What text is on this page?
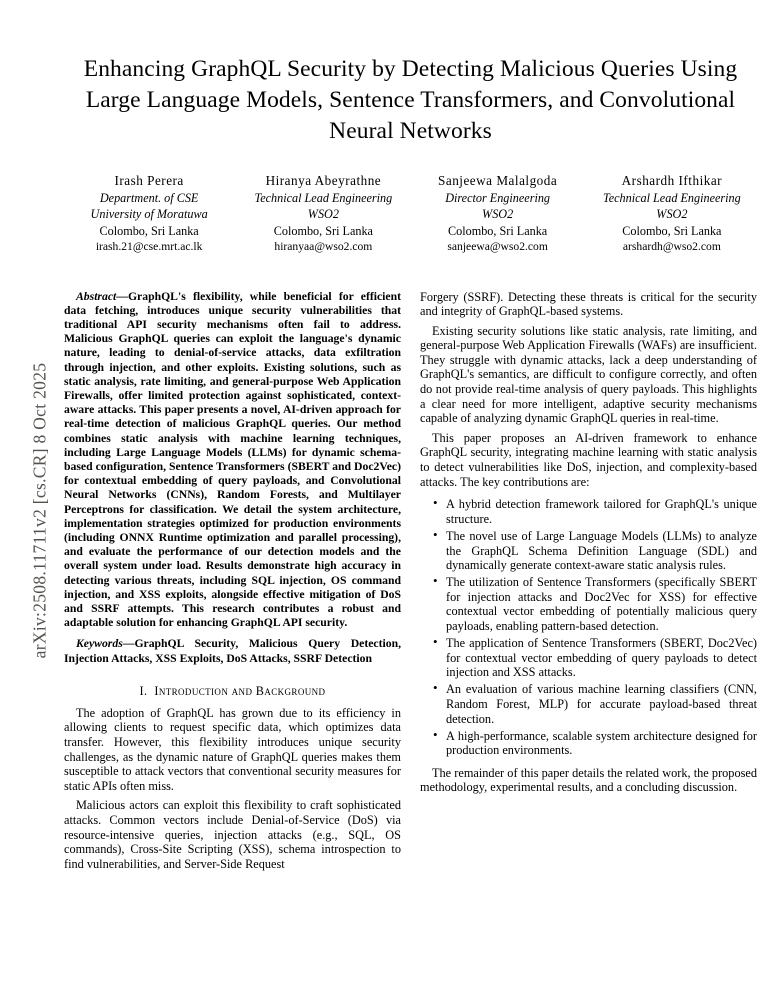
arXiv:2508.11711v2 [cs.CR] 8 Oct 2025
Enhancing GraphQL Security by Detecting Malicious Queries Using Large Language Models, Sentence Transformers, and Convolutional Neural Networks
Irash Perera
Department. of CSE
University of Moratuwa
Colombo, Sri Lanka
irash.21@cse.mrt.ac.lk
Hiranya Abeyrathne
Technical Lead Engineering
WSO2
Colombo, Sri Lanka
hiranyaa@wso2.com
Sanjeewa Malalgoda
Director Engineering
WSO2
Colombo, Sri Lanka
sanjeewa@wso2.com
Arshardh Ifthikar
Technical Lead Engineering
WSO2
Colombo, Sri Lanka
arshardh@wso2.com

Abstract—GraphQL's flexibility, while beneficial for efficient data fetching, introduces unique security vulnerabilities that traditional API security mechanisms often fail to address. Malicious GraphQL queries can exploit the language's dynamic nature, leading to denial-of-service attacks, data exfiltration through injection, and other exploits. Existing solutions, such as static analysis, rate limiting, and general-purpose Web Application Firewalls, offer limited protection against sophisticated, context-aware attacks. This paper presents a novel, AI-driven approach for real-time detection of malicious GraphQL queries. Our method combines static analysis with machine learning techniques, including Large Language Models (LLMs) for dynamic schema-based configuration, Sentence Transformers (SBERT and Doc2Vec) for contextual embedding of query payloads, and Convolutional Neural Networks (CNNs), Random Forests, and Multilayer Perceptrons for classification. We detail the system architecture, implementation strategies optimized for production environments (including ONNX Runtime optimization and parallel processing), and evaluate the performance of our detection models and the overall system under load. Results demonstrate high accuracy in detecting various threats, including SQL injection, OS command injection, and XSS exploits, alongside effective mitigation of DoS and SSRF attempts. This research contributes a robust and adaptable solution for enhancing GraphQL API security.

Keywords—GraphQL Security, Malicious Query Detection, Injection Attacks, XSS Exploits, DoS Attacks, SSRF Detection

I. Introduction and Background

The adoption of GraphQL has grown due to its efficiency in allowing clients to request specific data, which optimizes data transfer. However, this flexibility introduces unique security challenges, as the dynamic nature of GraphQL queries makes them susceptible to attack vectors that conventional security measures for static APIs often miss.

Malicious actors can exploit this flexibility to craft sophisticated attacks. Common vectors include Denial-of-Service (DoS) via resource-intensive queries, injection attacks (e.g., SQL, OS commands), Cross-Site Scripting (XSS), schema introspection to find vulnerabilities, and Server-Side Request

Forgery (SSRF). Detecting these threats is critical for the security and integrity of GraphQL-based systems.

Existing security solutions like static analysis, rate limiting, and general-purpose Web Application Firewalls (WAFs) are insufficient. They struggle with dynamic attacks, lack a deep understanding of GraphQL's semantics, are difficult to configure correctly, and often do not provide real-time analysis of query payloads. This highlights a clear need for more intelligent, adaptive security mechanisms capable of analyzing dynamic GraphQL queries in real-time.

This paper proposes an AI-driven framework to enhance GraphQL security, integrating machine learning with static analysis to detect vulnerabilities like DoS, injection, and complexity-based attacks. The key contributions are:

• A hybrid detection framework tailored for GraphQL's unique structure.
• The novel use of Large Language Models (LLMs) to analyze the GraphQL Schema Definition Language (SDL) and dynamically generate context-aware static analysis rules.
• The utilization of Sentence Transformers (specifically SBERT for injection attacks and Doc2Vec for XSS) for effective contextual vector embedding of potentially malicious query payloads, enabling pattern-based detection.
• The application of Sentence Transformers (SBERT, Doc2Vec) for contextual vector embedding of query payloads to detect injection and XSS attacks.
• An evaluation of various machine learning classifiers (CNN, Random Forest, MLP) for accurate payload-based threat detection.
• A high-performance, scalable system architecture designed for production environments.

The remainder of this paper details the related work, the proposed methodology, experimental results, and a concluding discussion.
